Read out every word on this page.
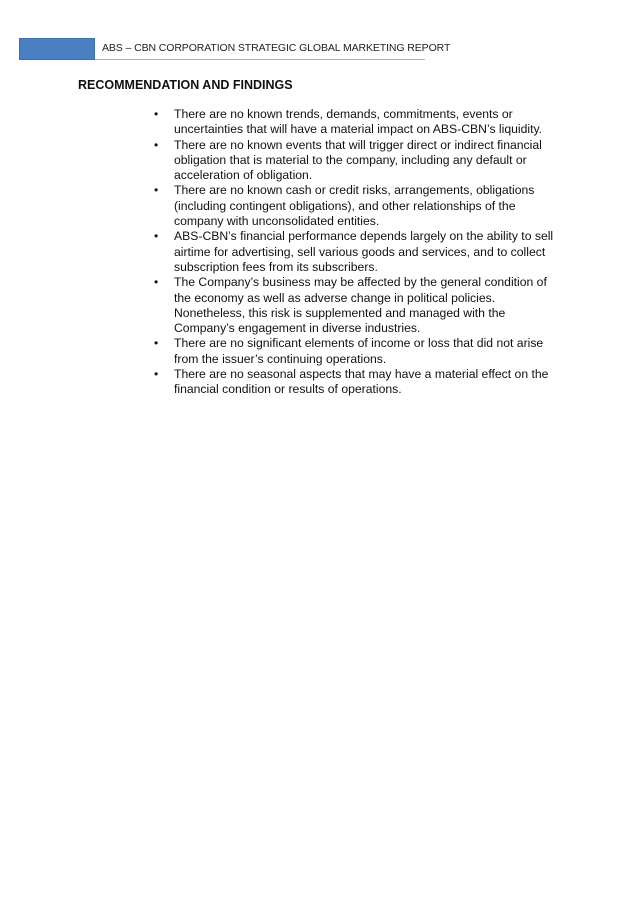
ABS – CBN CORPORATION STRATEGIC GLOBAL MARKETING REPORT
RECOMMENDATION AND FINDINGS
• There are no known trends, demands, commitments, events or uncertainties that will have a material impact on ABS-CBN’s liquidity.
• There are no known events that will trigger direct or indirect financial obligation that is material to the company, including any default or acceleration of obligation.
• There are no known cash or credit risks, arrangements, obligations (including contingent obligations), and other relationships of the company with unconsolidated entities.
• ABS-CBN’s financial performance depends largely on the ability to sell airtime for advertising, sell various goods and services, and to collect subscription fees from its subscribers.
• The Company’s business may be affected by the general condition of the economy as well as adverse change in political policies. Nonetheless, this risk is supplemented and managed with the Company’s engagement in diverse industries.
• There are no significant elements of income or loss that did not arise from the issuer’s continuing operations.
• There are no seasonal aspects that may have a material effect on the financial condition or results of operations.
